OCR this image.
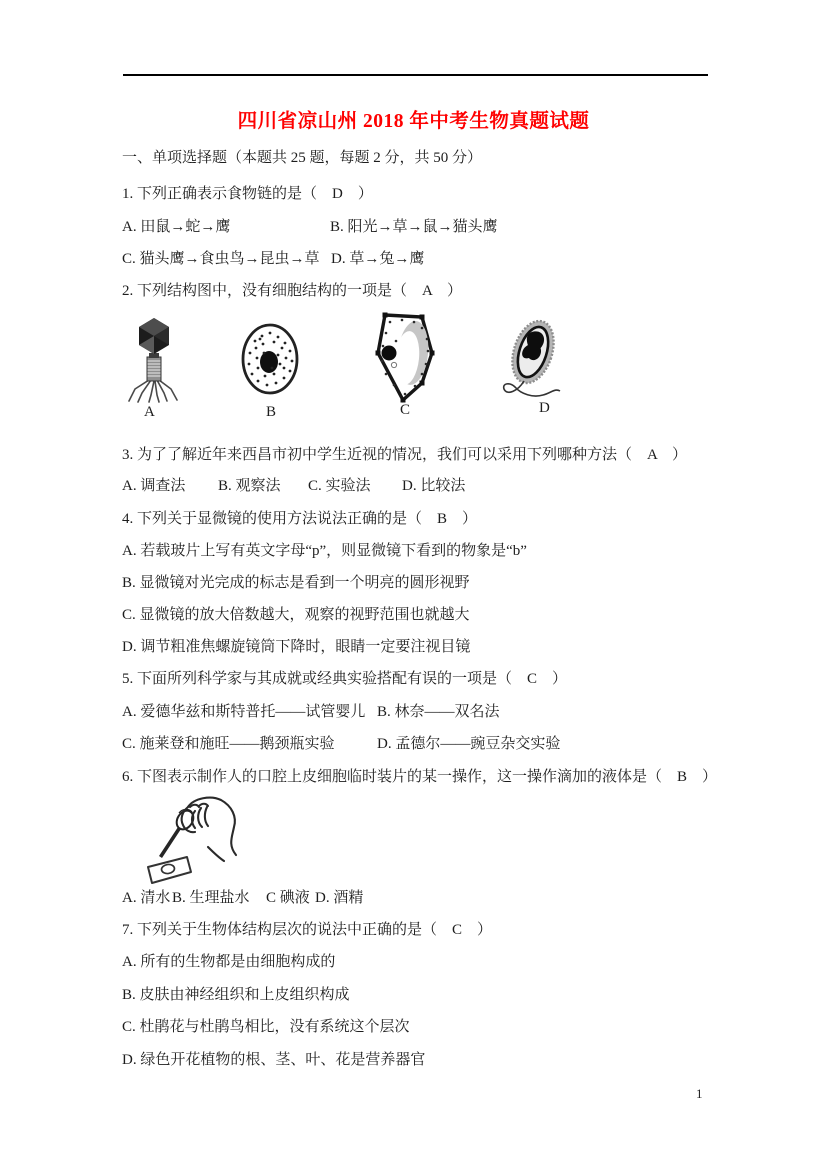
四川省凉山州 2018 年中考生物真题试题
一、单项选择题（本题共 25 题，每题 2 分，共 50 分）
1. 下列正确表示食物链的是（　D　）
A. 田鼠→蛇→鹰	B. 阳光→草→鼠→猫头鹰
C. 猫头鹰→食虫鸟→昆虫→草 D. 草→兔→鹰
2. 下列结构图中，没有细胞结构的一项是（　A　）
A	B	C	D
3. 为了了解近年来西昌市初中学生近视的情况，我们可以采用下列哪种方法（　A　）
A. 调查法 B. 观察法 C. 实验法 D. 比较法
4. 下列关于显微镜的使用方法说法正确的是（　B　）
A. 若载玻片上写有英文字母“p”，则显微镜下看到的物象是“b”
B. 显微镜对光完成的标志是看到一个明亮的圆形视野
C. 显微镜的放大倍数越大，观察的视野范围也就越大
D. 调节粗准焦螺旋镜筒下降时，眼睛一定要注视目镜
5. 下面所列科学家与其成就或经典实验搭配有误的一项是（　C　）
A. 爱德华兹和斯特普托——试管婴儿 B. 林奈——双名法
C. 施莱登和施旺——鹅颈瓶实验	D. 孟德尔——豌豆杂交实验
6. 下图表示制作人的口腔上皮细胞临时装片的某一操作，这一操作滴加的液体是（　B　）
A. 清水 B. 生理盐水 C 碘液 D. 酒精
7. 下列关于生物体结构层次的说法中正确的是（　C　）
A. 所有的生物都是由细胞构成的
B. 皮肤由神经组织和上皮组织构成
C. 杜鹃花与杜鹃鸟相比，没有系统这个层次
D. 绿色开花植物的根、茎、叶、花是营养器官
1
